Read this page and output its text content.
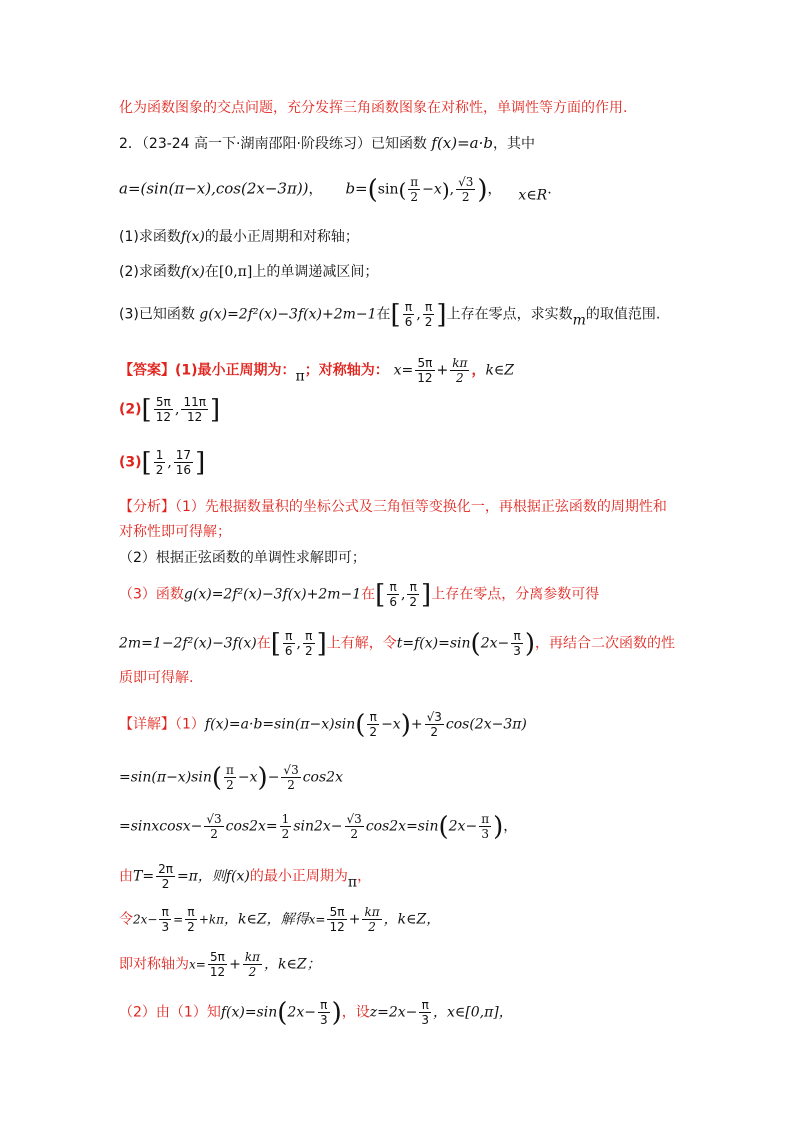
化为函数图象的交点问题，充分发挥三角函数图象在对称性，单调性等方面的作用.
2．（23-24 高一下·湖南邵阳·阶段练习）已知函数 f(x)=a·b，其中
a=(sin(π−x),cos(2x−3π))， $b=(\sin( \frac{\pi}{2} -x)$, $\frac{√3}{2}$ )， x∈R.
(1)求函数f(x)的最小正周期和对称轴；
(2)求函数f(x)在[0,π]上的单调递减区间；
(3)已知函数 g(x)=2f²(x)−3f(x)+2m−1在[ $\frac{\pi}{6}$ , $\frac{\pi}{2}$ ]上存在零点，求实数m的取值范围.
【答案】(1)最小正周期为：π；对称轴为： $x= \frac{5\pi}{12} + \frac{k\pi}{2}$ ，k∈Z
$(2)[ \frac{5\pi}{12}$ , $\frac{11\pi}{12}$ ]
$(3)[ \frac{1}{2}$ , $\frac{17}{16}$ ]
【分析】（1）先根据数量积的坐标公式及三角恒等变换化一，再根据正弦函数的周期性和
对称性即可得解；
（2）根据正弦函数的单调性求解即可；
（3）函数g(x)=2f²(x)−3f(x)+2m−1在[ $\frac{\pi}{6}$ , $\frac{\pi}{2}$ ]上存在零点，分离参数可得
2m=1−2f²(x)−3f(x)在[ $\frac{\pi}{6}$ , $\frac{\pi}{2}$ ]上有解，令$t=f(x)=\sin(2x- \frac{\pi}{3}$ )，再结合二次函数的性
质即可得解.
【详解】$(1)f(x)=a\cdot b=\sin(\pi-x)\sin( \frac{\pi}{2} -x)+ \frac{√3}{2} \cos(2x-3\pi)$
$=\sin(\pi-x)\sin( \frac{\pi}{2} -x)- \frac{√3}{2} \cos 2x$
=sinxcosx− $\frac{√3}{2} \cos 2x= \frac{1}{2} \sin 2x- \frac{√3}{2} \cos 2x=\sin(2x- \frac{\pi}{3}$ )，
由$T= \frac{2\pi}{2} =\pi$，则f(x)的最小正周期为π，
令$2x- \frac{\pi}{3} = \frac{\pi}{2} +k\pi$，k∈Z，解得$x= \frac{5\pi}{12} + \frac{k\pi}{2}$ ，k∈Z，
即对称轴为$x= \frac{5\pi}{12} + \frac{k\pi}{2}$ ，k∈Z；
（2）由（1）知$f(x)=\sin(2x- \frac{\pi}{3}$ )，设$z=2x- \frac{\pi}{3}$ ，x∈[0,π]，
